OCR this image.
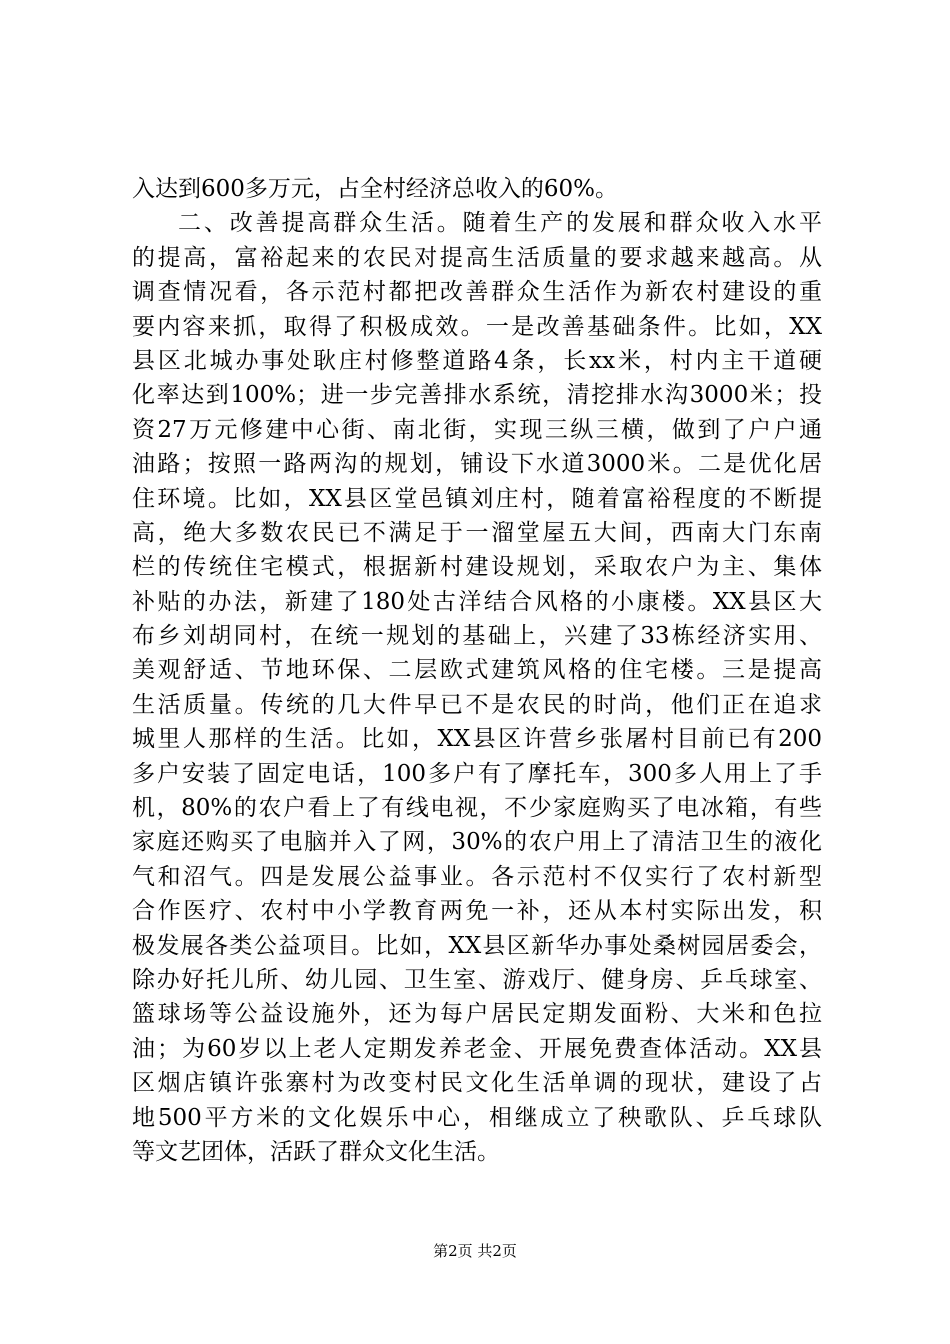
入达到600多万元，占全村经济总收入的60%。
二、改善提高群众生活。随着生产的发展和群众收入水平
的提高，富裕起来的农民对提高生活质量的要求越来越高。从
调查情况看，各示范村都把改善群众生活作为新农村建设的重
要内容来抓，取得了积极成效。一是改善基础条件。比如，XX
县区北城办事处耿庄村修整道路4条，长xx米，村内主干道硬
化率达到100%；进一步完善排水系统，清挖排水沟3000米；投
资27万元修建中心街、南北街，实现三纵三横，做到了户户通
油路；按照一路两沟的规划，铺设下水道3000米。二是优化居
住环境。比如，XX县区堂邑镇刘庄村，随着富裕程度的不断提
高，绝大多数农民已不满足于一溜堂屋五大间，西南大门东南
栏的传统住宅模式，根据新村建设规划，采取农户为主、集体
补贴的办法，新建了180处古洋结合风格的小康楼。XX县区大
布乡刘胡同村，在统一规划的基础上，兴建了33栋经济实用、
美观舒适、节地环保、二层欧式建筑风格的住宅楼。三是提高
生活质量。传统的几大件早已不是农民的时尚，他们正在追求
城里人那样的生活。比如，XX县区许营乡张屠村目前已有200
多户安装了固定电话，100多户有了摩托车，300多人用上了手
机，80%的农户看上了有线电视，不少家庭购买了电冰箱，有些
家庭还购买了电脑并入了网，30%的农户用上了清洁卫生的液化
气和沼气。四是发展公益事业。各示范村不仅实行了农村新型
合作医疗、农村中小学教育两免一补，还从本村实际出发，积
极发展各类公益项目。比如，XX县区新华办事处桑树园居委会，
除办好托儿所、幼儿园、卫生室、游戏厅、健身房、乒乓球室、
篮球场等公益设施外，还为每户居民定期发面粉、大米和色拉
油；为60岁以上老人定期发养老金、开展免费查体活动。XX县
区烟店镇许张寨村为改变村民文化生活单调的现状，建设了占
地500平方米的文化娱乐中心，相继成立了秧歌队、乒乓球队
等文艺团体，活跃了群众文化生活。
第2页 共2页
